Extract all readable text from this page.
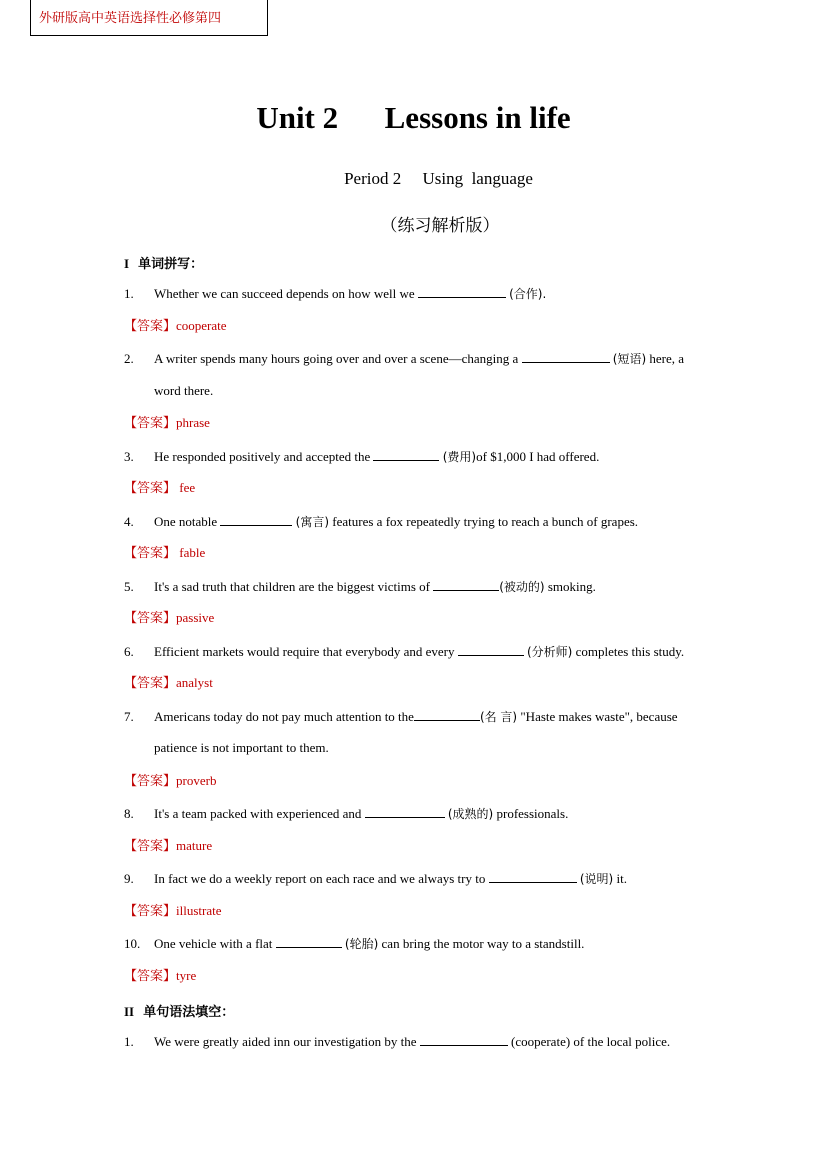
外研版高中英语选择性必修第四
Unit 2      Lessons in life
Period 2     Using  language
（练习解析版）
I 单词拼写：
1. Whether we can succeed depends on how well we	(合作).
【答案】cooperate
2. A writer spends many hours going over and over a scene—changing a	(短语) here, a
word there.
【答案】phrase
3. He responded positively and accepted the	(费用)of $1,000 I had offered.
【答案】 fee
4. One notable	(寓言) features a fox repeatedly trying to reach a bunch of grapes.
【答案】 fable
5. It's a sad truth that children are the biggest victims of	(被动的) smoking.
【答案】passive
6. Efficient markets would require that everybody and every	(分析师) completes this study.
【答案】analyst
7. Americans today do not pay much attention to the	(名 言) "Haste makes waste", because
patience is not important to them.
【答案】proverb
8. It's a team packed with experienced and	(成熟的) professionals.
【答案】mature
9. In fact we do a weekly report on each race and we always try to	(说明) it.
【答案】illustrate
10. One vehicle with a flat	(轮胎) can bring the motor way to a standstill.
【答案】tyre
II 单句语法填空：
1. We were greatly aided inn our investigation by the	(cooperate) of the local police.
